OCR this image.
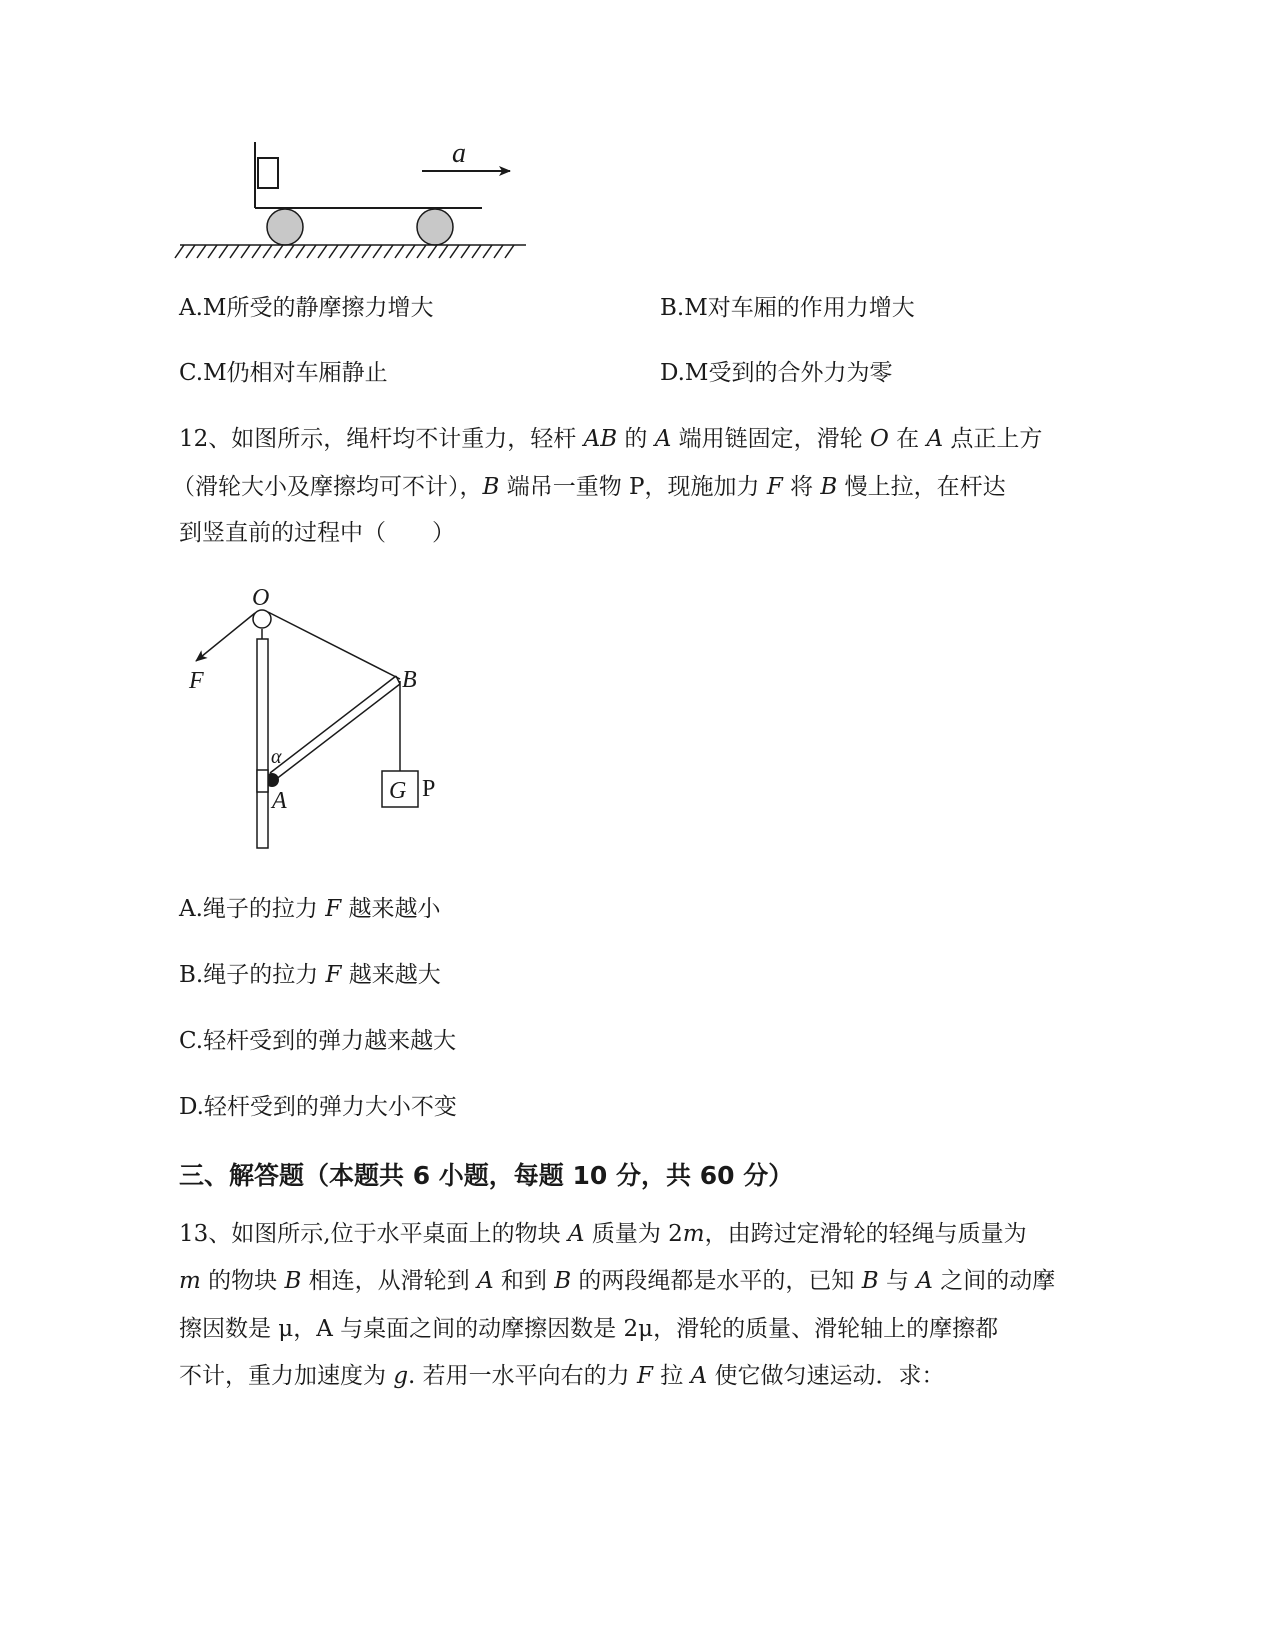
a
A.M所受的静摩擦力增大	B.M对车厢的作用力增大
C.M仍相对车厢静止	D.M受到的合外力为零
12、如图所示，绳杆均不计重力，轻杆 AB 的 A 端用链固定，滑轮 O 在 A 点正上方
（滑轮大小及摩擦均可不计），B 端吊一重物 P，现施加力 F 将 B 慢上拉，在杆达
到竖直前的过程中（　　）
O
F	B
α
A	G P
A.绳子的拉力 F 越来越小
B.绳子的拉力 F 越来越大
C.轻杆受到的弹力越来越大
D.轻杆受到的弹力大小不变
三、解答题（本题共 6 小题，每题 10 分，共 60 分）
13、如图所示,位于水平桌面上的物块 A 质量为 2m，由跨过定滑轮的轻绳与质量为
m 的物块 B 相连，从滑轮到 A 和到 B 的两段绳都是水平的，已知 B 与 A 之间的动摩
擦因数是 μ，A 与桌面之间的动摩擦因数是 2μ，滑轮的质量、滑轮轴上的摩擦都
不计，重力加速度为 g. 若用一水平向右的力 F 拉 A 使它做匀速运动．求：
